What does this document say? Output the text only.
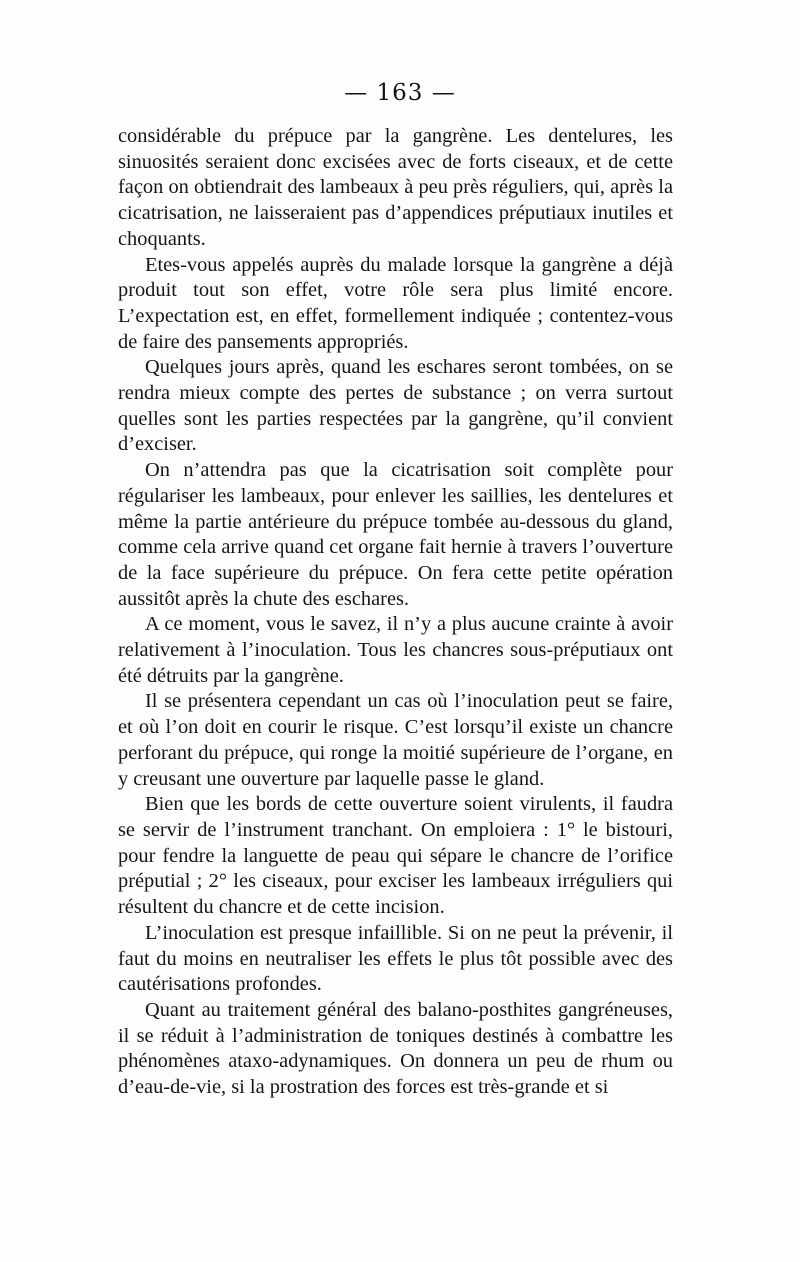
— 163 —

considérable du prépuce par la gangrène. Les dentelures, les sinuosités seraient donc excisées avec de forts ciseaux, et de cette façon on obtiendrait des lambeaux à peu près réguliers, qui, après la cicatrisation, ne laisseraient pas d’appendices préputiaux inutiles et choquants.

Etes-vous appelés auprès du malade lorsque la gangrène a déjà produit tout son effet, votre rôle sera plus limité encore. L’expectation est, en effet, formellement indiquée ; contentez-vous de faire des pansements appropriés.

Quelques jours après, quand les eschares seront tombées, on se rendra mieux compte des pertes de substance ; on verra surtout quelles sont les parties respectées par la gangrène, qu’il convient d’exciser.

On n’attendra pas que la cicatrisation soit complète pour régulariser les lambeaux, pour enlever les saillies, les dentelures et même la partie antérieure du prépuce tombée au-dessous du gland, comme cela arrive quand cet organe fait hernie à travers l’ouverture de la face supérieure du prépuce. On fera cette petite opération aussitôt après la chute des eschares.

A ce moment, vous le savez, il n’y a plus aucune crainte à avoir relativement à l’inoculation. Tous les chancres sous-préputiaux ont été détruits par la gangrène.

Il se présentera cependant un cas où l’inoculation peut se faire, et où l’on doit en courir le risque. C’est lorsqu’il existe un chancre perforant du prépuce, qui ronge la moitié supérieure de l’organe, en y creusant une ouverture par laquelle passe le gland.

Bien que les bords de cette ouverture soient virulents, il faudra se servir de l’instrument tranchant. On emploiera : 1° le bistouri, pour fendre la languette de peau qui sépare le chancre de l’orifice préputial ; 2° les ciseaux, pour exciser les lambeaux irréguliers qui résultent du chancre et de cette incision.

L’inoculation est presque infaillible. Si on ne peut la prévenir, il faut du moins en neutraliser les effets le plus tôt possible avec des cautérisations profondes.

Quant au traitement général des balano-posthites gangréneuses, il se réduit à l’administration de toniques destinés à combattre les phénomènes ataxo-adynamiques. On donnera un peu de rhum ou d’eau-de-vie, si la prostration des forces est très-grande et si
